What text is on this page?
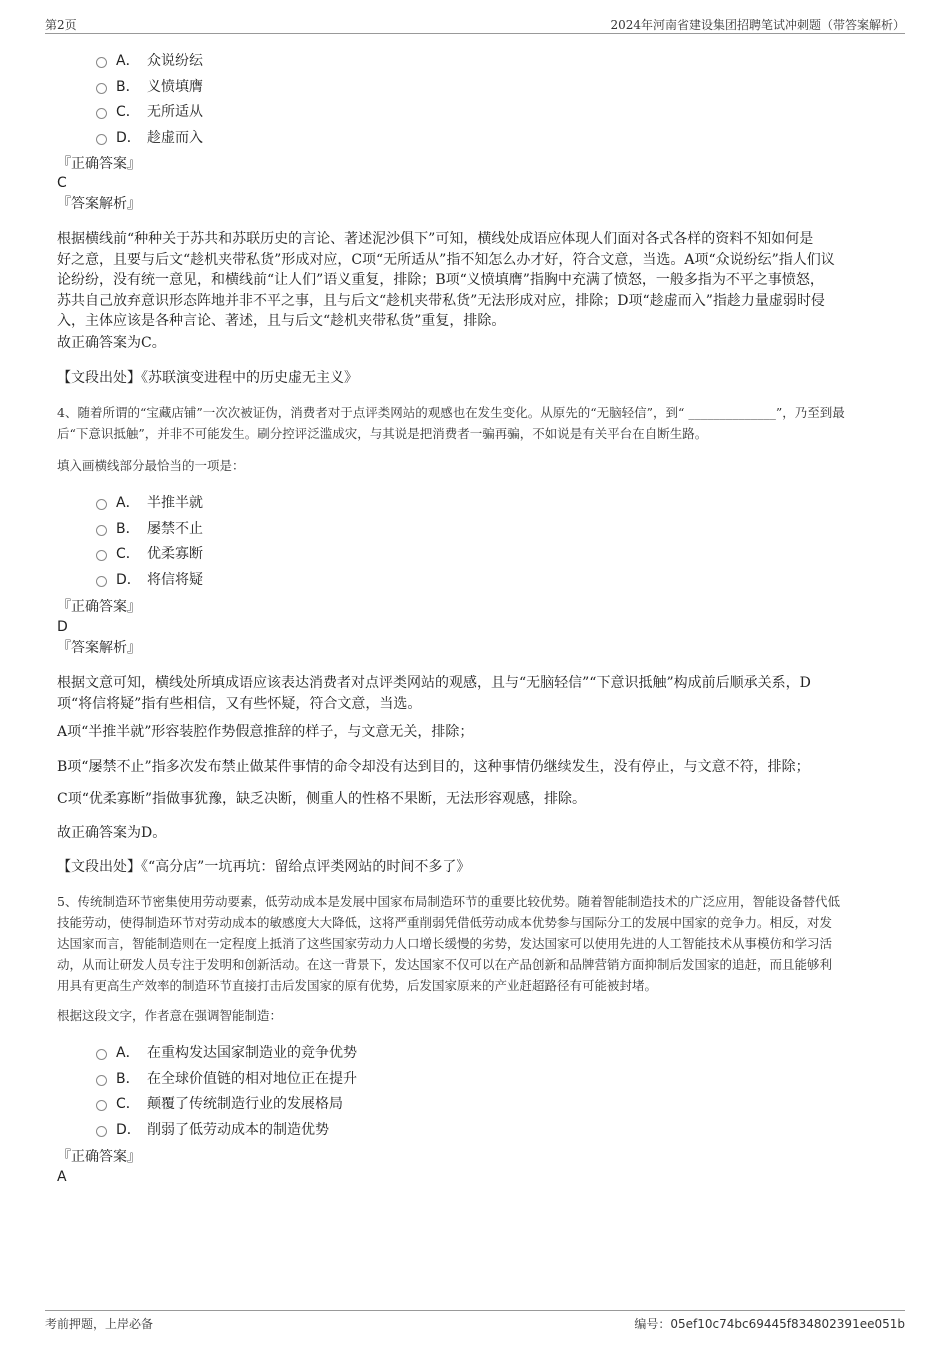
第2页	2024年河南省建设集团招聘笔试冲刺题（带答案解析）
A． 众说纷纭
B． 义愤填膺
C． 无所适从
D． 趁虚而入
『正确答案』
C
『答案解析』
根据横线前“种种关于苏共和苏联历史的言论、著述泥沙俱下”可知，横线处成语应体现人们面对各式各样的资料不知如何是
好之意，且要与后文“趁机夹带私货”形成对应，C项“无所适从”指不知怎么办才好，符合文意，当选。A项“众说纷纭”指人们议
论纷纷，没有统一意见，和横线前“让人们”语义重复，排除；B项“义愤填膺”指胸中充满了愤怒，一般多指为不平之事愤怒，
苏共自己放弃意识形态阵地并非不平之事，且与后文“趁机夹带私货”无法形成对应，排除；D项“趁虚而入”指趁力量虚弱时侵
入，主体应该是各种言论、著述，且与后文“趁机夹带私货”重复，排除。
故正确答案为C。
【文段出处】《苏联演变进程中的历史虚无主义》
4、随着所谓的“宝藏店铺”一次次被证伪，消费者对于点评类网站的观感也在发生变化。从原先的“无脑轻信”，到“ ______________”，乃至到最
后“下意识抵触”，并非不可能发生。刷分控评泛滥成灾，与其说是把消费者一骗再骗，不如说是有关平台在自断生路。
填入画横线部分最恰当的一项是：
A． 半推半就
B． 屡禁不止
C． 优柔寡断
D． 将信将疑
『正确答案』
D
『答案解析』
根据文意可知，横线处所填成语应该表达消费者对点评类网站的观感，且与“无脑轻信”“下意识抵触”构成前后顺承关系，D
项“将信将疑”指有些相信，又有些怀疑，符合文意，当选。
A项“半推半就”形容装腔作势假意推辞的样子，与文意无关，排除；
B项“屡禁不止”指多次发布禁止做某件事情的命令却没有达到目的，这种事情仍继续发生，没有停止，与文意不符，排除；
C项“优柔寡断”指做事犹豫，缺乏决断，侧重人的性格不果断，无法形容观感，排除。
故正确答案为D。
【文段出处】《“高分店”一坑再坑：留给点评类网站的时间不多了》
5、传统制造环节密集使用劳动要素，低劳动成本是发展中国家布局制造环节的重要比较优势。随着智能制造技术的广泛应用，智能设备替代低
技能劳动，使得制造环节对劳动成本的敏感度大大降低，这将严重削弱凭借低劳动成本优势参与国际分工的发展中国家的竞争力。相反，对发
达国家而言，智能制造则在一定程度上抵消了这些国家劳动力人口增长缓慢的劣势，发达国家可以使用先进的人工智能技术从事模仿和学习活
动，从而让研发人员专注于发明和创新活动。在这一背景下，发达国家不仅可以在产品创新和品牌营销方面抑制后发国家的追赶，而且能够利
用具有更高生产效率的制造环节直接打击后发国家的原有优势，后发国家原来的产业赶超路径有可能被封堵。
根据这段文字，作者意在强调智能制造：
A． 在重构发达国家制造业的竞争优势
B． 在全球价值链的相对地位正在提升
C． 颠覆了传统制造行业的发展格局
D． 削弱了低劳动成本的制造优势
『正确答案』
A
考前押题，上岸必备	编号：05ef10c74bc69445f834802391ee051b
